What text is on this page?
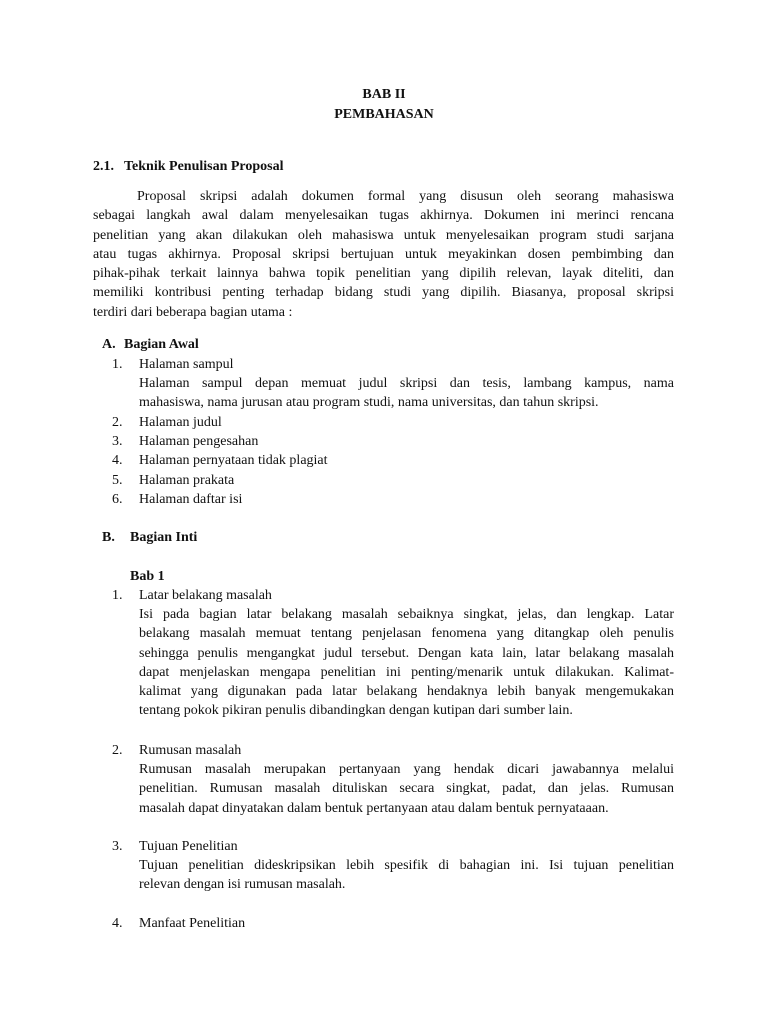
BAB II
PEMBAHASAN
2.1. Teknik Penulisan Proposal
Proposal skripsi adalah dokumen formal yang disusun oleh seorang mahasiswa
sebagai langkah awal dalam menyelesaikan tugas akhirnya. Dokumen ini merinci rencana
penelitian yang akan dilakukan oleh mahasiswa untuk menyelesaikan program studi sarjana
atau tugas akhirnya. Proposal skripsi bertujuan untuk meyakinkan dosen pembimbing dan
pihak-pihak terkait lainnya bahwa topik penelitian yang dipilih relevan, layak diteliti, dan
memiliki kontribusi penting terhadap bidang studi yang dipilih. Biasanya, proposal skripsi
terdiri dari beberapa bagian utama :
A. Bagian Awal
1. Halaman sampul
Halaman sampul depan memuat judul skripsi dan tesis, lambang kampus, nama
mahasiswa, nama jurusan atau program studi, nama universitas, dan tahun skripsi.
2. Halaman judul
3. Halaman pengesahan
4. Halaman pernyataan tidak plagiat
5. Halaman prakata
6. Halaman daftar isi
B. Bagian Inti
Bab 1
1. Latar belakang masalah
Isi pada bagian latar belakang masalah sebaiknya singkat, jelas, dan lengkap. Latar
belakang masalah memuat tentang penjelasan fenomena yang ditangkap oleh penulis
sehingga penulis mengangkat judul tersebut. Dengan kata lain, latar belakang masalah
dapat menjelaskan mengapa penelitian ini penting/menarik untuk dilakukan. Kalimat-
kalimat yang digunakan pada latar belakang hendaknya lebih banyak mengemukakan
tentang pokok pikiran penulis dibandingkan dengan kutipan dari sumber lain.
2. Rumusan masalah
Rumusan masalah merupakan pertanyaan yang hendak dicari jawabannya melalui
penelitian. Rumusan masalah dituliskan secara singkat, padat, dan jelas. Rumusan
masalah dapat dinyatakan dalam bentuk pertanyaan atau dalam bentuk pernyataaan.
3. Tujuan Penelitian
Tujuan penelitian dideskripsikan lebih spesifik di bahagian ini. Isi tujuan penelitian
relevan dengan isi rumusan masalah.
4. Manfaat Penelitian
